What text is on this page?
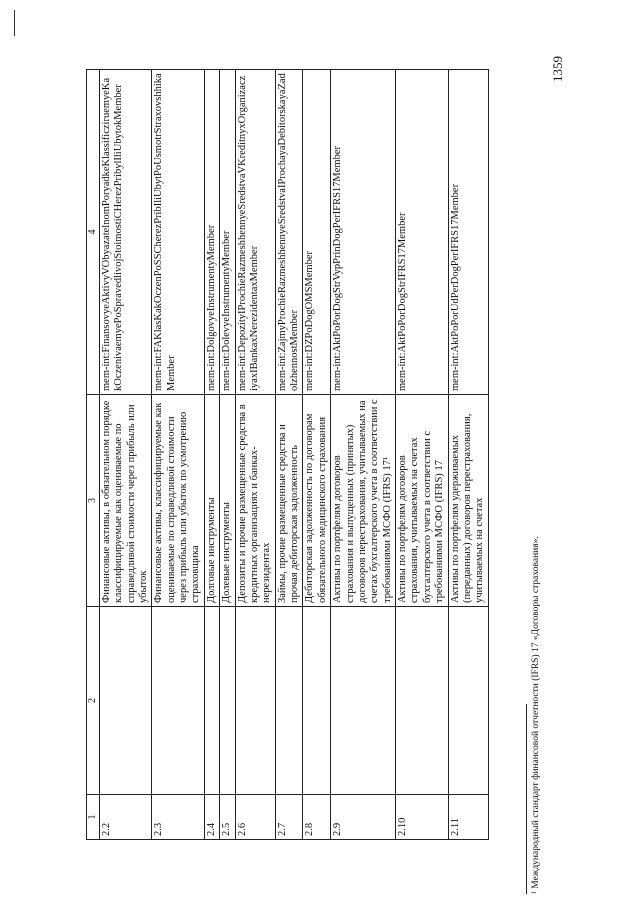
1	2	3	4
2.2		Финансовые активы, в обязательном порядке классифицируемые как оцениваемые по справедливой стоимости через прибыль или убыток	mem-int:FinansovyeAktivyVObyazatelnomPoryadkeKlassificziruemyeKakOczenivaemyePoSpravedlivojStoimostiCHerezPribylIliUbytokMember
2.3		Финансовые активы, классифицируемые как оцениваемые по справедливой стоимости через прибыль или убыток по усмотрению страховщика	mem-int:FAKlasKakOczenPoSSCherezPribIliUbytPoUsmotrStraxovshhikaMember
2.4		Долговые инструменты	mem-int:DolgovyeInstrumentyMember
2.5		Долевые инструменты	mem-int:DolevyeInstrumentyMember
2.6		Депозиты и прочие размещенные средства в кредитных организациях и банках-нерезидентах	mem-int:DepozityIProchieRazmeshhennyeSredstvaVKreditnyxOrganizacziyaxIBankaxNerezidentaxMember
2.7		Займы, прочие размещенные средства и прочая дебиторская задолженность	mem-int:ZajmyProchieRazmeshhennyeSredstvaIProchayaDebitorskayaZadolzhennostMember
2.8		Дебиторская задолженность по договорам обязательного медицинского страхования	mem-int:DZPoDogOMSMember
2.9		Активы по портфелям договоров страхования и выпущенных (принятых) договоров перестрахования, учитываемых на счетах бухгалтерского учета в соответствии с требованиями МСФО (IFRS) 17¹	mem-int:AktPoPorDogStrVypPrinDogPerIFRS17Member
2.10		Активы по портфелям договоров страхования, учитываемых на счетах бухгалтерского учета в соответствии с требованиями МСФО (IFRS) 17	mem-int:AktPoPorDogStrIFRS17Member
2.11		Активы по портфелям удерживаемых (переданных) договоров перестрахования, учитываемых на счетах	mem-int:AktPoPorUdPerDogPerIFRS17Member
¹ Международный стандарт финансовой отчетности (IFRS) 17 «Договоры страхования».
1359
